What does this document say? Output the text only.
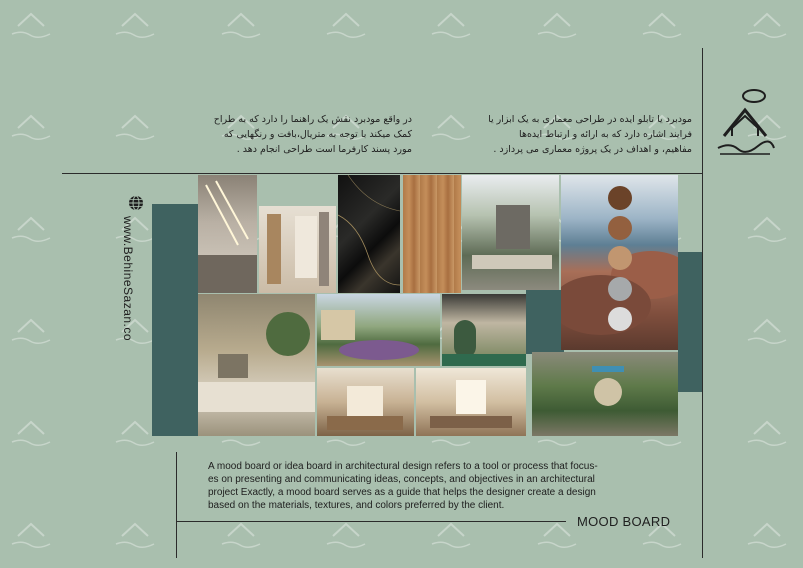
مودبرد یا تابلو ایده در طراحی معماری به یک ابزار یا
فرایند اشاره دارد که به ارائه و ارتباط ایده‌ها
مفاهیم، و اهداف در یک پروژه معماری می پردازد .
در واقع مودبرد نقش یک راهنما را دارد که به طراح
کمک میکند با توجه به متریال،بافت و رنگهایی که
مورد پسند کارفرما است طراحی انجام دهد .
www.BehineSazan.co
A mood board or idea board in architectural design refers to a tool or process that focus-
es on presenting and communicating ideas, concepts, and objectives in an architectural
project Exactly, a mood board serves as a guide that helps the designer create a design
based on the materials, textures, and colors preferred by the client.
MOOD BOARD
